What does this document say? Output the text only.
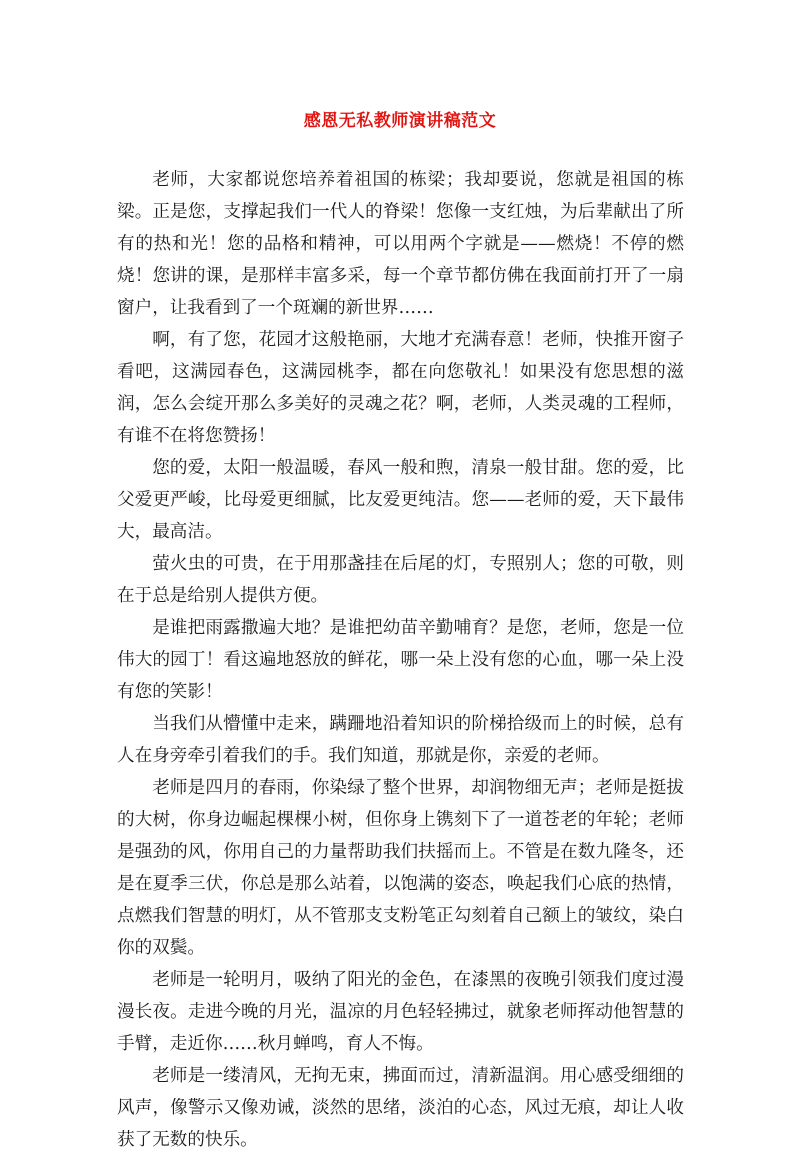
感恩无私教师演讲稿范文

老师，大家都说您培养着祖国的栋梁；我却要说，您就是祖国的栋梁。正是您，支撑起我们一代人的脊梁！您像一支红烛，为后辈献出了所有的热和光！您的品格和精神，可以用两个字就是——燃烧！不停的燃烧！您讲的课，是那样丰富多采，每一个章节都仿佛在我面前打开了一扇窗户，让我看到了一个斑斓的新世界……

啊，有了您，花园才这般艳丽，大地才充满春意！老师，快推开窗子看吧，这满园春色，这满园桃李，都在向您敬礼！如果没有您思想的滋润，怎么会绽开那么多美好的灵魂之花？啊，老师，人类灵魂的工程师，有谁不在将您赞扬！

您的爱，太阳一般温暖，春风一般和煦，清泉一般甘甜。您的爱，比父爱更严峻，比母爱更细腻，比友爱更纯洁。您——老师的爱，天下最伟大，最高洁。

萤火虫的可贵，在于用那盏挂在后尾的灯，专照别人；您的可敬，则在于总是给别人提供方便。

是谁把雨露撒遍大地？是谁把幼苗辛勤哺育？是您，老师，您是一位伟大的园丁！看这遍地怒放的鲜花，哪一朵上没有您的心血，哪一朵上没有您的笑影！

当我们从懵懂中走来，蹒跚地沿着知识的阶梯拾级而上的时候，总有人在身旁牵引着我们的手。我们知道，那就是你，亲爱的老师。

老师是四月的春雨，你染绿了整个世界，却润物细无声；老师是挺拔的大树，你身边崛起棵棵小树，但你身上镌刻下了一道苍老的年轮；老师是强劲的风，你用自己的力量帮助我们扶摇而上。不管是在数九隆冬，还是在夏季三伏，你总是那么站着，以饱满的姿态，唤起我们心底的热情，点燃我们智慧的明灯，从不管那支支粉笔正勾刻着自己额上的皱纹，染白你的双鬓。

老师是一轮明月，吸纳了阳光的金色，在漆黑的夜晚引领我们度过漫漫长夜。走进今晚的月光，温凉的月色轻轻拂过，就象老师挥动他智慧的手臂，走近你……秋月蝉鸣，育人不悔。

老师是一缕清风，无拘无束，拂面而过，清新温润。用心感受细细的风声，像警示又像劝诫，淡然的思绪，淡泊的心态，风过无痕，却让人收获了无数的快乐。
